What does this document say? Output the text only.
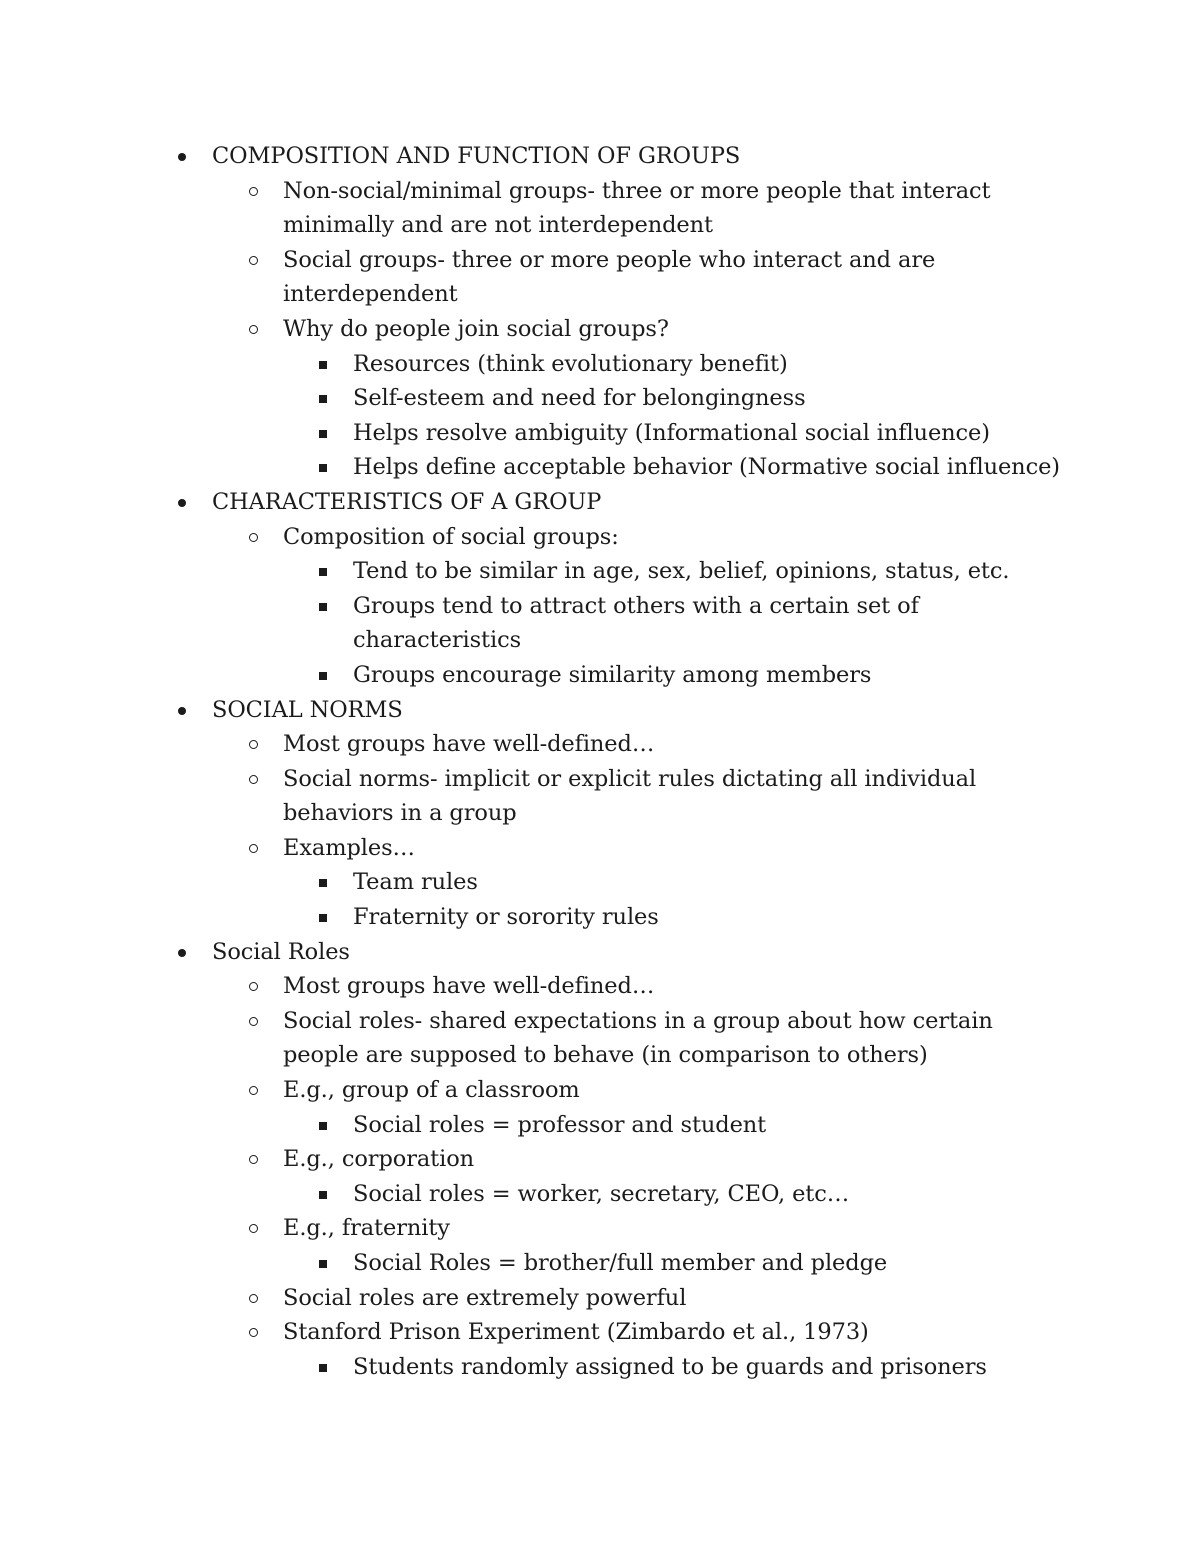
COMPOSITION AND FUNCTION OF GROUPS
Non-social/minimal groups- three or more people that interact minimally and are not interdependent
Social groups- three or more people who interact and are interdependent
Why do people join social groups?
Resources (think evolutionary benefit)
Self-esteem and need for belongingness
Helps resolve ambiguity (Informational social influence)
Helps define acceptable behavior (Normative social influence)
CHARACTERISTICS OF A GROUP
Composition of social groups:
Tend to be similar in age, sex, belief, opinions, status, etc.
Groups tend to attract others with a certain set of characteristics
Groups encourage similarity among members
SOCIAL NORMS
Most groups have well-defined…
Social norms- implicit or explicit rules dictating all individual behaviors in a group
Examples…
Team rules
Fraternity or sorority rules
Social Roles
Most groups have well-defined…
Social roles- shared expectations in a group about how certain people are supposed to behave (in comparison to others)
E.g., group of a classroom
Social roles = professor and student
E.g., corporation
Social roles = worker, secretary, CEO, etc…
E.g., fraternity
Social Roles = brother/full member and pledge
Social roles are extremely powerful
Stanford Prison Experiment (Zimbardo et al., 1973)
Students randomly assigned to be guards and prisoners
